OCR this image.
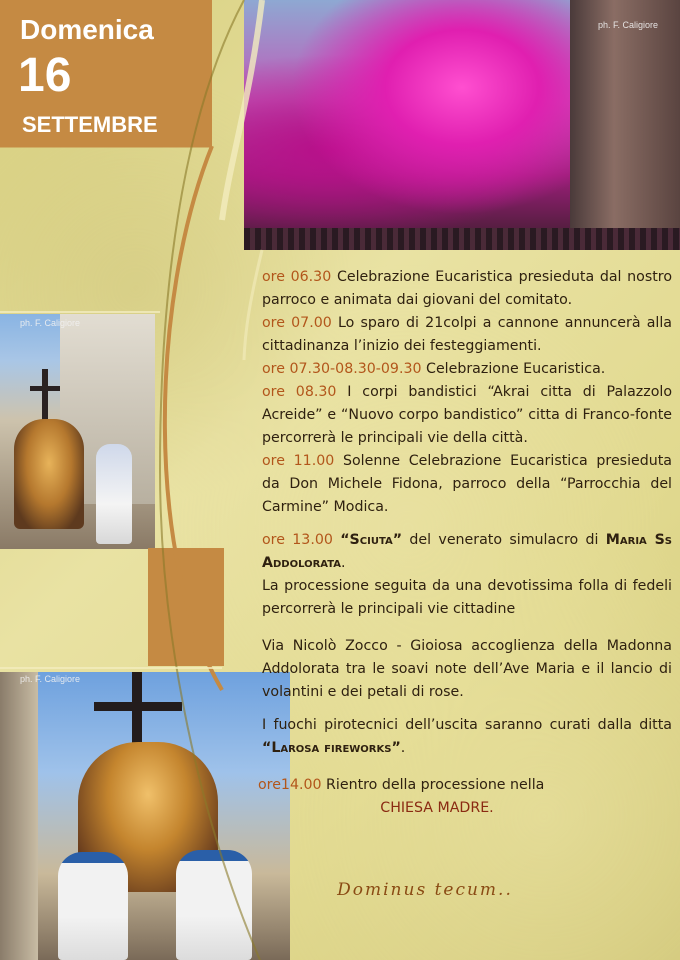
Domenica
16
SETTEMBRE
ph. F. Caligiore
ph. F. Caligiore
ph. F. Caligiore

ore 06.30 Celebrazione Eucaristica presieduta dal nostro parroco e animata dai giovani del comitato.

ore 07.00 Lo sparo di 21colpi a cannone annuncerà alla cittadinanza l’inizio dei festeggiamenti.

ore 07.30-08.30-09.30 Celebrazione Eucaristica.

ore 08.30 I corpi bandistici “Akrai citta di Palazzolo Acreide” e “Nuovo corpo bandistico” citta di Franco-fonte percorrerà le principali vie della città.

ore 11.00 Solenne Celebrazione Eucaristica presieduta da Don Michele Fidona, parroco della “Parrocchia del Carmine” Modica.

ore 13.00 “Sciuta” del venerato simulacro di Maria Ss Addolorata.

La processione seguita da una devotissima folla di fedeli percorrerà le principali vie cittadine

Via Nicolò Zocco - Gioiosa accoglienza della Madonna Addolorata tra le soavi note dell’Ave Maria e il lancio di volantini e dei petali di rose.

I fuochi pirotecnici dell’uscita saranno curati dalla ditta “Larosa fireworks”.

ore14.00 Rientro della processione nella

CHIESA MADRE.

Dominus tecum..
